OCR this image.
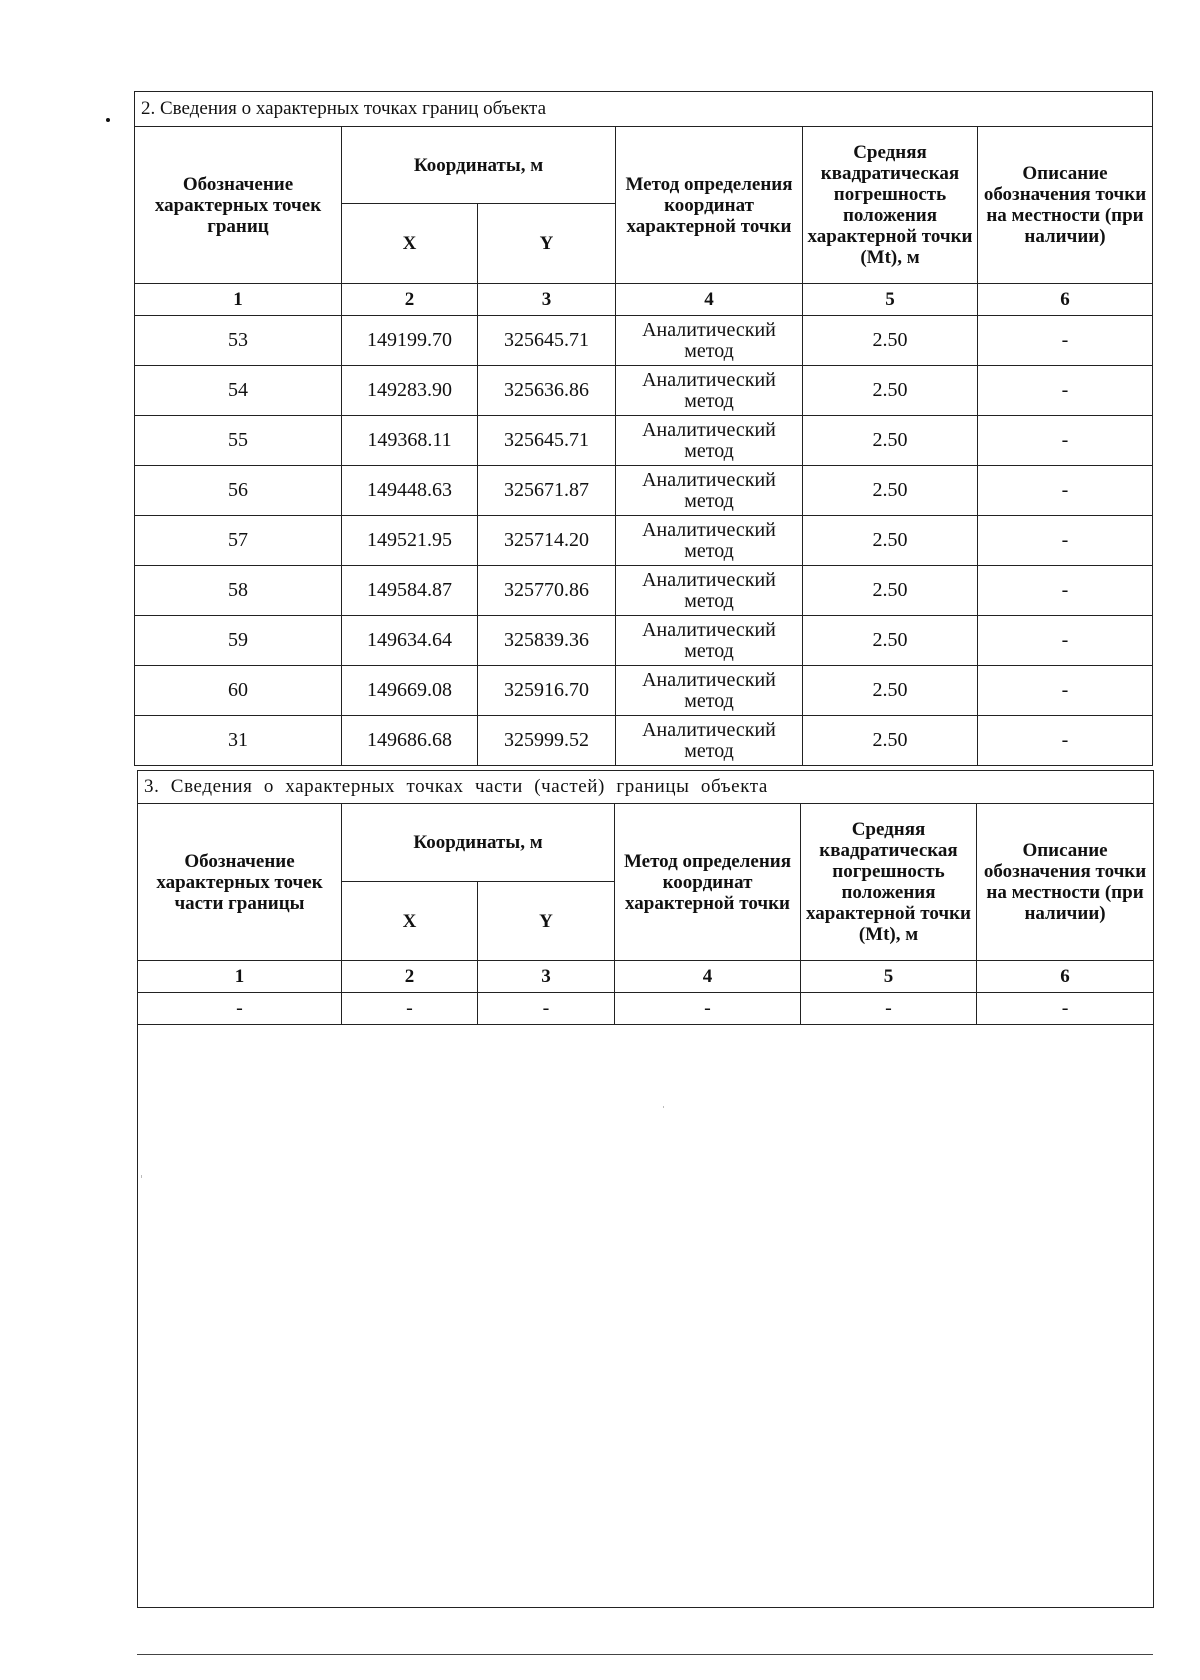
2. Сведения о характерных точках границ объекта					
Обозначение характерных точек границ	Координаты, м		Метод определения координат характерной точки	Средняя квадратическая погрешность положения характерной точки (Mt), м	Описание обозначения точки на местности (при наличии)
	X	Y			
1	2	3	4	5	6
53	149199.70	325645.71	Аналитический метод	2.50	-
54	149283.90	325636.86	Аналитический метод	2.50	-
55	149368.11	325645.71	Аналитический метод	2.50	-
56	149448.63	325671.87	Аналитический метод	2.50	-
57	149521.95	325714.20	Аналитический метод	2.50	-
58	149584.87	325770.86	Аналитический метод	2.50	-
59	149634.64	325839.36	Аналитический метод	2.50	-
60	149669.08	325916.70	Аналитический метод	2.50	-
31	149686.68	325999.52	Аналитический метод	2.50	-
3. Сведения о характерных точках части (частей) границы объекта					
Обозначение характерных точек части границы	Координаты, м		Метод определения координат характерной точки	Средняя квадратическая погрешность положения характерной точки (Mt), м	Описание обозначения точки на местности (при наличии)
	X	Y			
1	2	3	4	5	6
-	-	-	-	-	-
